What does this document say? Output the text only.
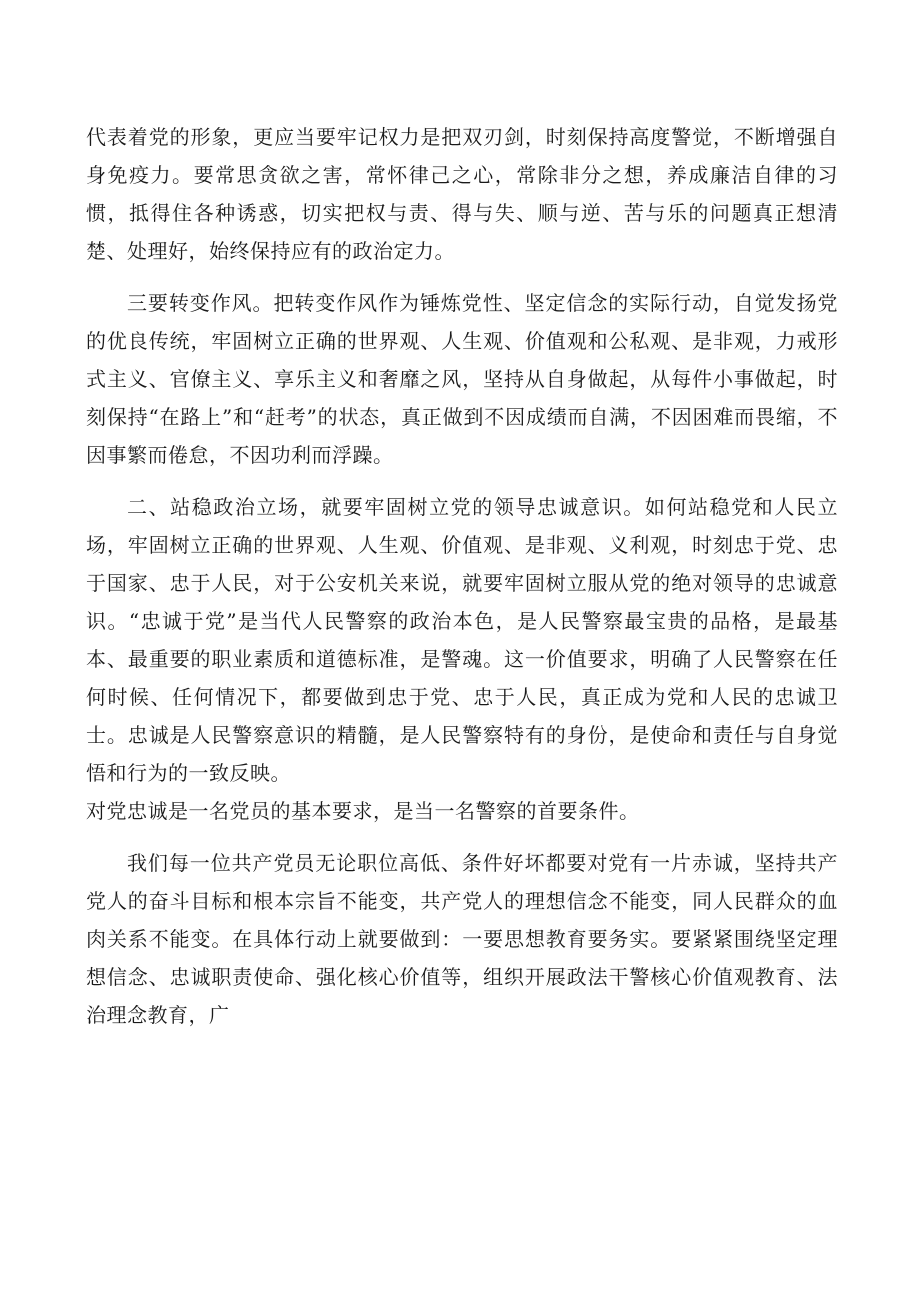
代表着党的形象，更应当要牢记权力是把双刃剑，时刻保持高度警觉，不断增强自身免疫力。要常思贪欲之害，常怀律己之心，常除非分之想，养成廉洁自律的习惯，抵得住各种诱惑，切实把权与责、得与失、顺与逆、苦与乐的问题真正想清楚、处理好，始终保持应有的政治定力。

三要转变作风。把转变作风作为锤炼党性、坚定信念的实际行动，自觉发扬党的优良传统，牢固树立正确的世界观、人生观、价值观和公私观、是非观，力戒形式主义、官僚主义、享乐主义和奢靡之风，坚持从自身做起，从每件小事做起，时刻保持“在路上”和“赶考”的状态，真正做到不因成绩而自满，不因困难而畏缩，不因事繁而倦怠，不因功利而浮躁。

二、站稳政治立场，就要牢固树立党的领导忠诚意识。如何站稳党和人民立场，牢固树立正确的世界观、人生观、价值观、是非观、义利观，时刻忠于党、忠于国家、忠于人民，对于公安机关来说，就要牢固树立服从党的绝对领导的忠诚意识。“忠诚于党”是当代人民警察的政治本色，是人民警察最宝贵的品格，是最基本、最重要的职业素质和道德标准，是警魂。这一价值要求，明确了人民警察在任何时候、任何情况下，都要做到忠于党、忠于人民，真正成为党和人民的忠诚卫士。忠诚是人民警察意识的精髓，是人民警察特有的身份，是使命和责任与自身觉悟和行为的一致反映。

对党忠诚是一名党员的基本要求，是当一名警察的首要条件。

我们每一位共产党员无论职位高低、条件好坏都要对党有一片赤诚，坚持共产党人的奋斗目标和根本宗旨不能变，共产党人的理想信念不能变，同人民群众的血肉关系不能变。在具体行动上就要做到：一要思想教育要务实。要紧紧围绕坚定理想信念、忠诚职责使命、强化核心价值等，组织开展政法干警核心价值观教育、法治理念教育，广
